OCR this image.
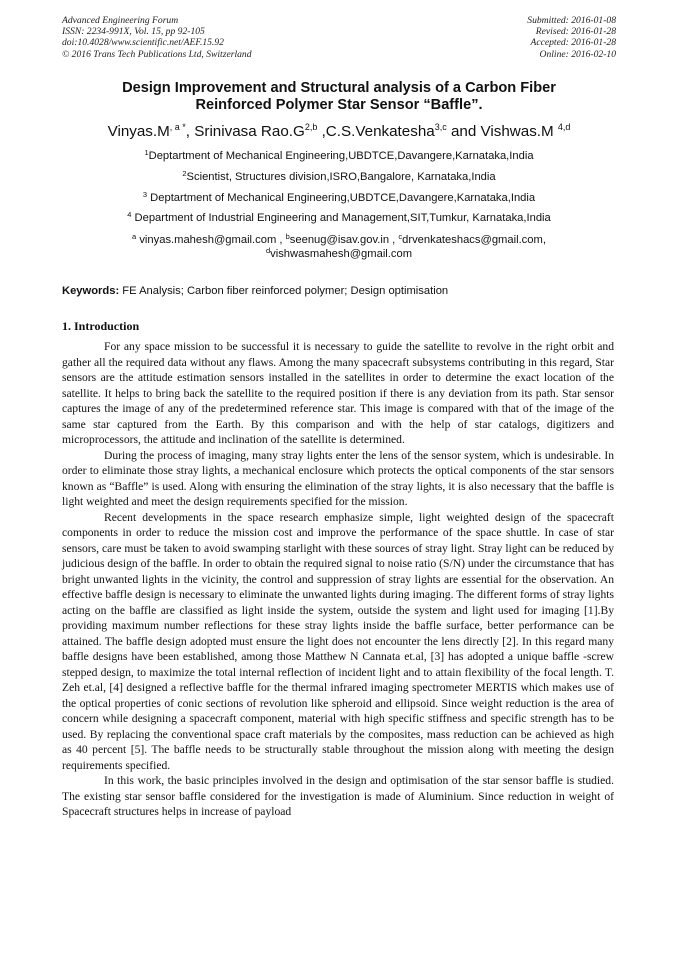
Advanced Engineering Forum
ISSN: 2234-991X, Vol. 15, pp 92-105
doi:10.4028/www.scientific.net/AEF.15.92
© 2016 Trans Tech Publications Ltd, Switzerland
Submitted: 2016-01-08
Revised: 2016-01-28
Accepted: 2016-01-28
Online: 2016-02-10
Design Improvement and Structural analysis of a Carbon Fiber
Reinforced Polymer Star Sensor “Baffle”.
$Vinyas.M^{, a *}$, Srinivasa $Rao.G^{2,b}$ ,C.S.Venkatesha$^{3,c}$ and Vishwas.M $^{4,d}$
$^1$Deptartment of Mechanical Engineering,UBDTCE,Davangere,Karnataka,India
$^2$Scientist, Structures division,ISRO,Bangalore, Karnataka,India
$^3$ Deptartment of Mechanical Engineering,UBDTCE,Davangere,Karnataka,India
$^4$ Department of Industrial Engineering and Management,SIT,Tumkur, Karnataka,India
$^a$ vinyas.mahesh@gmail.com , $^b$seenug@isav.gov.in , $^c$drvenkateshacs@gmail.com,
$^d$vishwasmahesh@gmail.com
Keywords: FE Analysis; Carbon fiber reinforced polymer; Design optimisation
1. Introduction

For any space mission to be successful it is necessary to guide the satellite to revolve in the right orbit and gather all the required data without any flaws. Among the many spacecraft subsystems contributing in this regard, Star sensors are the attitude estimation sensors installed in the satellites in order to determine the exact location of the satellite. It helps to bring back the satellite to the required position if there is any deviation from its path. Star sensor captures the image of any of the predetermined reference star. This image is compared with that of the image of the same star captured from the Earth. By this comparison and with the help of star catalogs, digitizers and microprocessors, the attitude and inclination of the satellite is determined.

During the process of imaging, many stray lights enter the lens of the sensor system, which is undesirable. In order to eliminate those stray lights, a mechanical enclosure which protects the optical components of the star sensors known as “Baffle” is used. Along with ensuring the elimination of the stray lights, it is also necessary that the baffle is light weighted and meet the design requirements specified for the mission.

Recent developments in the space research emphasize simple, light weighted design of the spacecraft components in order to reduce the mission cost and improve the performance of the space shuttle. In case of star sensors, care must be taken to avoid swamping starlight with these sources of stray light. Stray light can be reduced by judicious design of the baffle. In order to obtain the required signal to noise ratio (S/N) under the circumstance that has bright unwanted lights in the vicinity, the control and suppression of stray lights are essential for the observation. An effective baffle design is necessary to eliminate the unwanted lights during imaging. The different forms of stray lights acting on the baffle are classified as light inside the system, outside the system and light used for imaging [1].By providing maximum number reflections for these stray lights inside the baffle surface, better performance can be attained. The baffle design adopted must ensure the light does not encounter the lens directly [2]. In this regard many baffle designs have been established, among those Matthew N Cannata et.al, [3] has adopted a unique baffle -screw stepped design, to maximize the total internal reflection of incident light and to attain flexibility of the focal length. T. Zeh et.al, [4] designed a reflective baffle for the thermal infrared imaging spectrometer MERTIS which makes use of the optical properties of conic sections of revolution like spheroid and ellipsoid. Since weight reduction is the area of concern while designing a spacecraft component, material with high specific stiffness and specific strength has to be used. By replacing the conventional space craft materials by the composites, mass reduction can be achieved as high as 40 percent [5]. The baffle needs to be structurally stable throughout the mission along with meeting the design requirements specified.

In this work, the basic principles involved in the design and optimisation of the star sensor baffle is studied. The existing star sensor baffle considered for the investigation is made of Aluminium. Since reduction in weight of Spacecraft structures helps in increase of payload
